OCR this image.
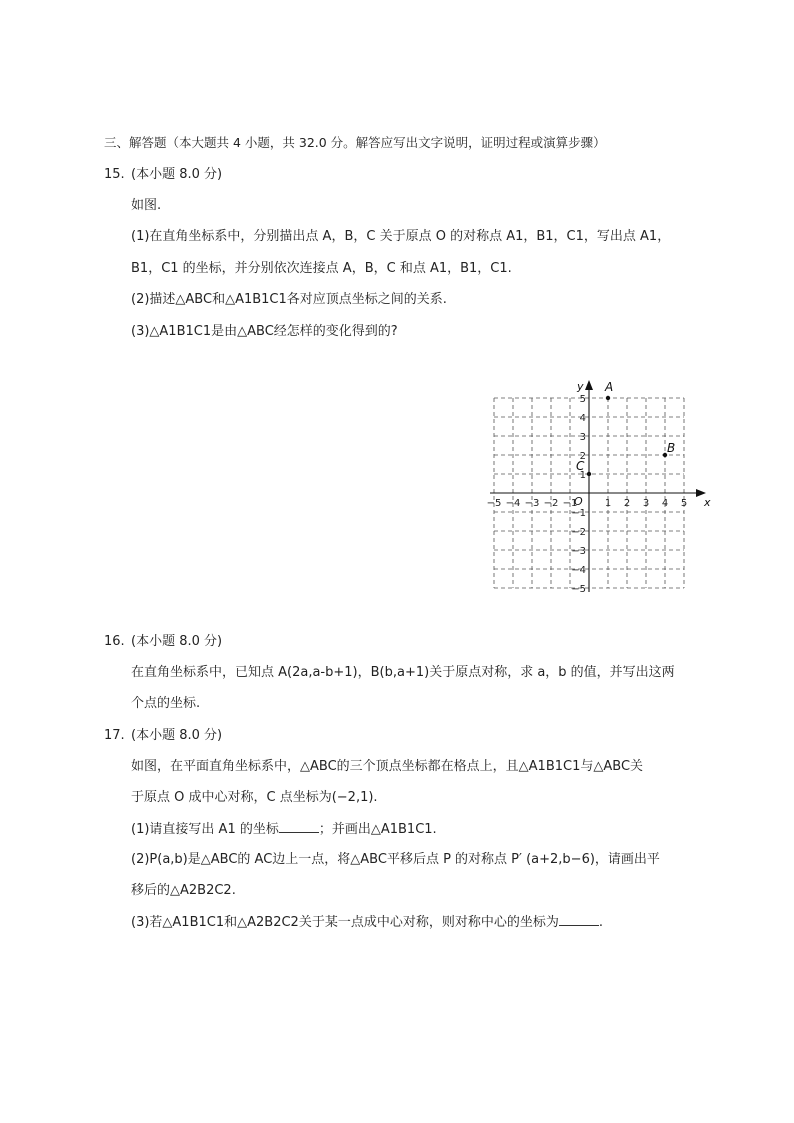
三、解答题（本大题共 4 小题，共 32.0 分。解答应写出文字说明，证明过程或演算步骤）
15. (本小题 8.0 分)
如图.
(1)在直角坐标系中，分别描出点 A，B，C 关于原点 O 的对称点 A1，B1，C1，写出点 A1，
B1，C1 的坐标，并分别依次连接点 A，B，C 和点 A1，B1，C1.
(2)描述△ABC和△A1B1C1各对应顶点坐标之间的关系.
(3)△A1B1C1是由△ABC经怎样的变化得到的?
x
y
O
−5 −4 −3 −2 −1	1 2 3 4 5
5
4
3
2
1
−1
−2
−3
−4
−5
A
B
C
16. (本小题 8.0 分)
在直角坐标系中，已知点 A(2a,a-b+1)，B(b,a+1)关于原点对称，求 a，b 的值，并写出这两
个点的坐标.
17. (本小题 8.0 分)
如图，在平面直角坐标系中，△ABC的三个顶点坐标都在格点上，且△A1B1C1与△ABC关
于原点 O 成中心对称，C 点坐标为(−2,1).
(1)请直接写出 A1 的坐标	；并画出△A1B1C1.
(2)P(a,b)是△ABC的 AC边上一点，将△ABC平移后点 P 的对称点 P′ (a+2,b−6)，请画出平
移后的△A2B2C2.
(3)若△A1B1C1和△A2B2C2关于某一点成中心对称，则对称中心的坐标为	.
